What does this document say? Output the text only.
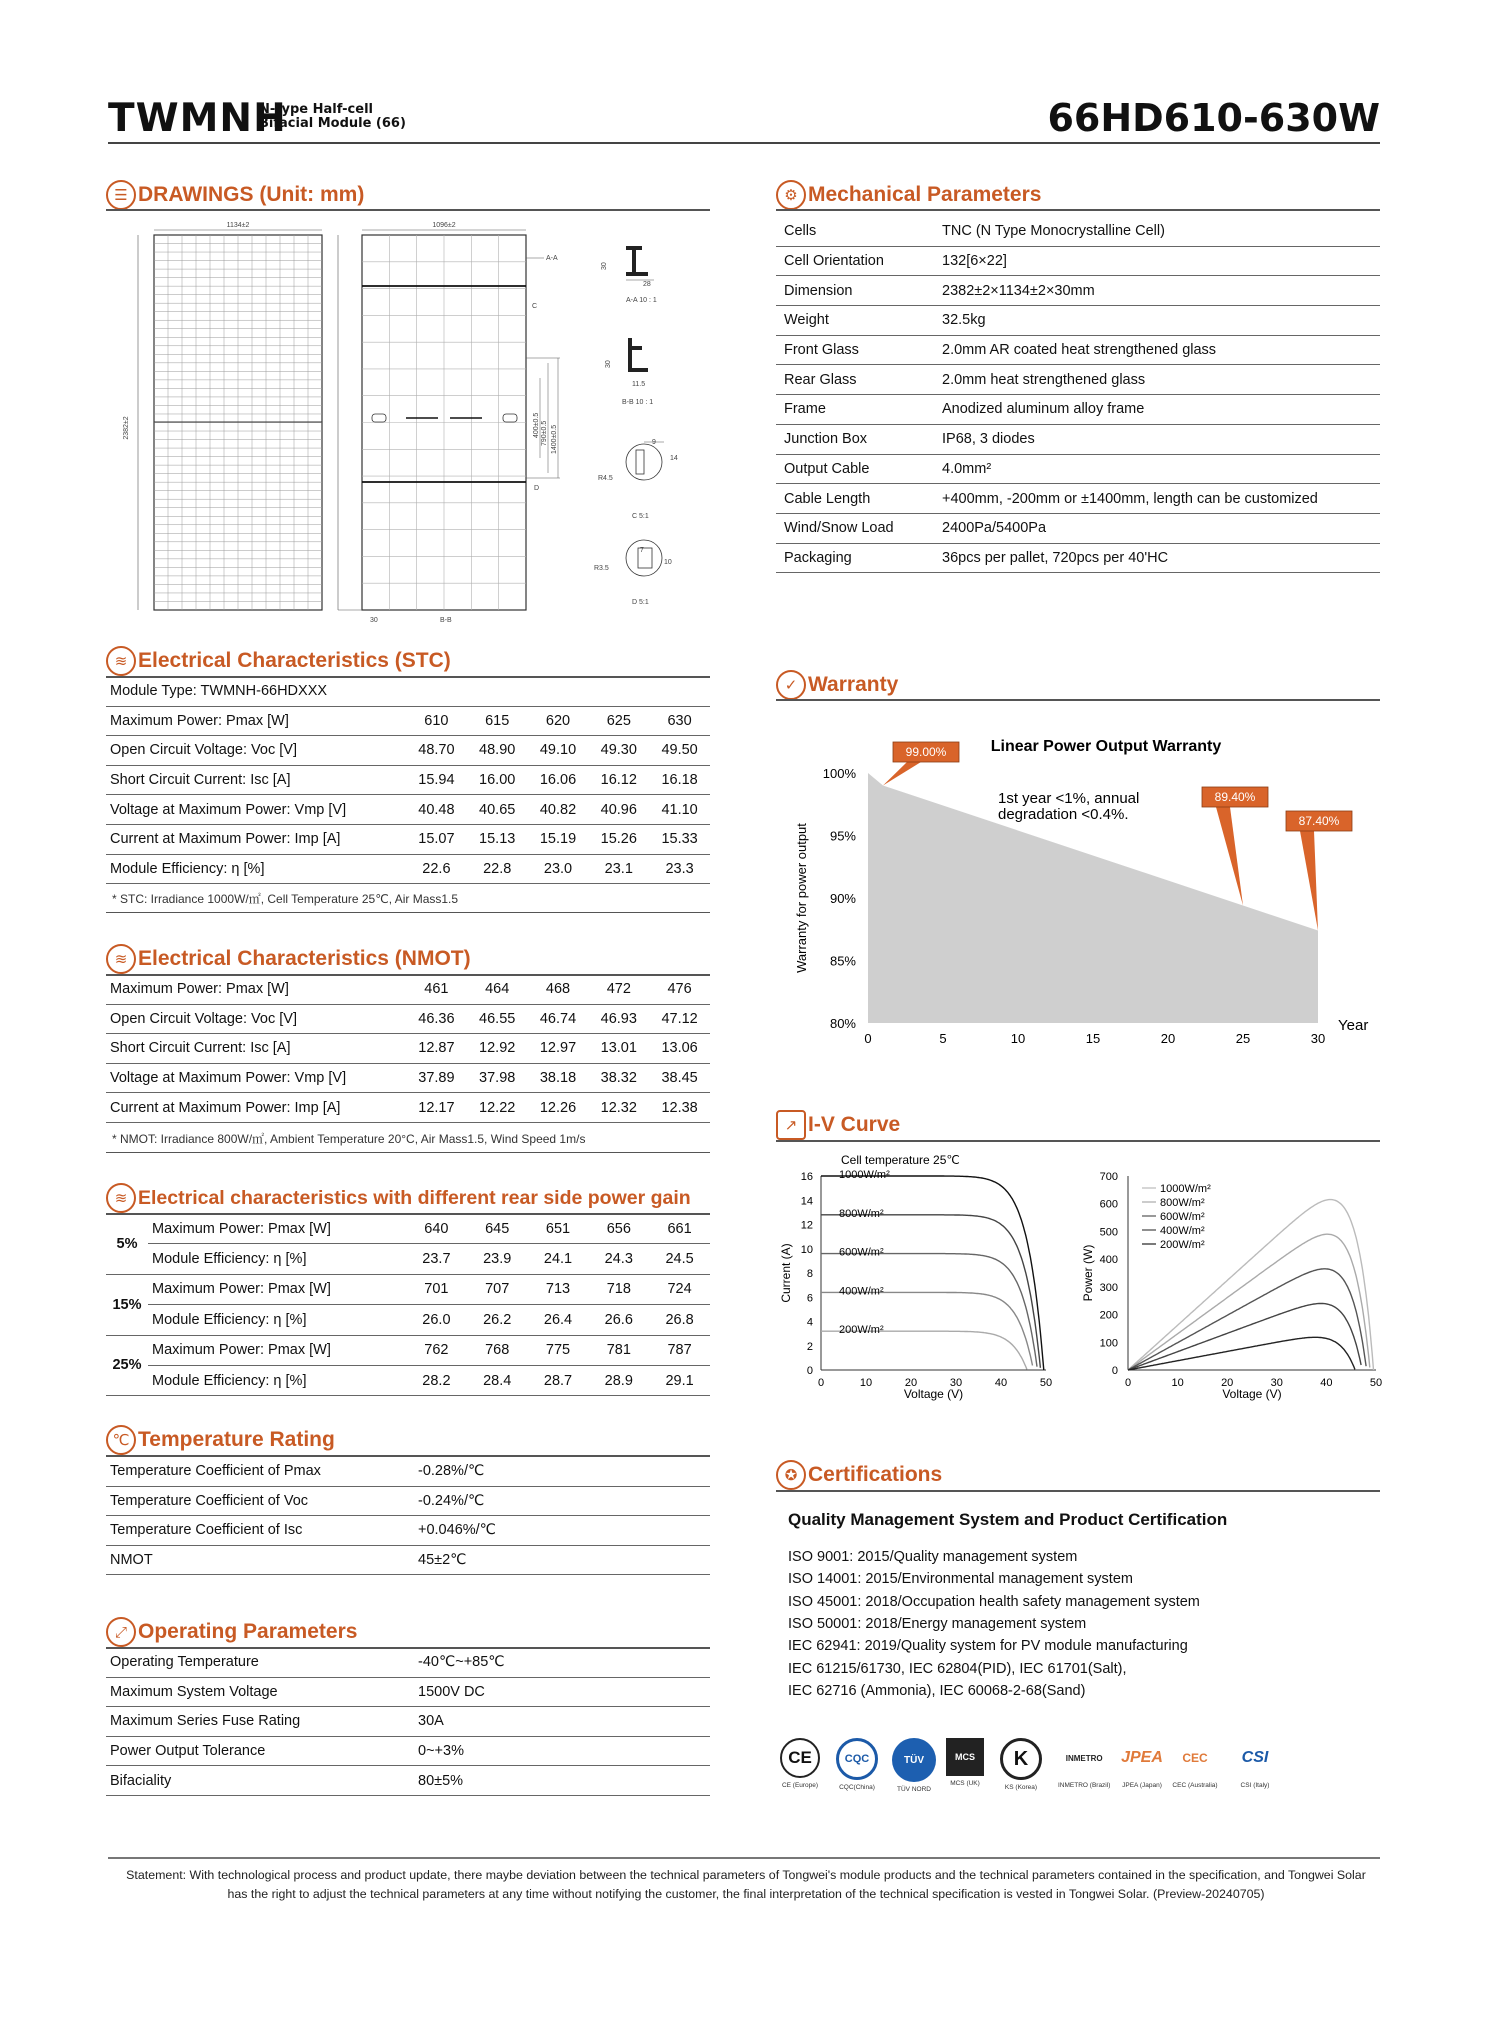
TWMNH
N-type Half-cell
Bifacial Module (66)	66HD610-630W
☰ DRAWINGS (Unit: mm)
1134±2
2382±2
1096±2
30	B-B
A-A
C
D
400±0.5 790±0.5 1400±0.5
30
28
A-A 10 : 1
30
11.5
B-B 10 : 1
9
14
R4.5
C 5:1
7
10
R3.5
D 5:1
⚙ Mechanical Parameters
Cells	TNC (N Type Monocrystalline Cell)
Cell Orientation	132[6×22]
Dimension	2382±2×1134±2×30mm
Weight	32.5kg
Front Glass	2.0mm AR coated heat strengthened glass
Rear Glass	2.0mm heat strengthened glass
Frame	Anodized aluminum alloy frame
Junction Box	IP68, 3 diodes
Output Cable	4.0mm²
Cable Length	+400mm, -200mm or ±1400mm, length can be customized
Wind/Snow Load	2400Pa/5400Pa
Packaging	36pcs per pallet, 720pcs per 40'HC
≋ Electrical Characteristics (STC)
Module Type: TWMNH-66HDXXX					
Maximum Power: Pmax [W]	610	615	620	625	630
Open Circuit Voltage: Voc [V]	48.70	48.90	49.10	49.30	49.50
Short Circuit Current: Isc [A]	15.94	16.00	16.06	16.12	16.18
Voltage at Maximum Power: Vmp [V]	40.48	40.65	40.82	40.96	41.10
Current at Maximum Power: Imp [A]	15.07	15.13	15.19	15.26	15.33
Module Efficiency: η [%]	22.6	22.8	23.0	23.1	23.3
* STC: Irradiance 1000W/㎡, Cell Temperature 25℃, Air Mass1.5
≋ Electrical Characteristics (NMOT)
Maximum Power: Pmax [W]	461	464	468	472	476
Open Circuit Voltage: Voc [V]	46.36	46.55	46.74	46.93	47.12
Short Circuit Current: Isc [A]	12.87	12.92	12.97	13.01	13.06
Voltage at Maximum Power: Vmp [V]	37.89	37.98	38.18	38.32	38.45
Current at Maximum Power: Imp [A]	12.17	12.22	12.26	12.32	12.38
* NMOT: Irradiance 800W/㎡, Ambient Temperature 20°C, Air Mass1.5, Wind Speed 1m/s
≋ Electrical characteristics with different rear side power gain
5%	Maximum Power: Pmax [W]	640	645	651	656	661
	Module Efficiency: η [%]	23.7	23.9	24.1	24.3	24.5
15%	Maximum Power: Pmax [W]	701	707	713	718	724
	Module Efficiency: η [%]	26.0	26.2	26.4	26.6	26.8
25%	Maximum Power: Pmax [W]	762	768	775	781	787
	Module Efficiency: η [%]	28.2	28.4	28.7	28.9	29.1
℃ Temperature Rating
Temperature Coefficient of Pmax	-0.28%/℃
Temperature Coefficient of Voc	-0.24%/℃
Temperature Coefficient of Isc	+0.046%/℃
NMOT	45±2℃
⤢ Operating Parameters
Operating Temperature	-40℃~+85℃
Maximum System Voltage	1500V DC
Maximum Series Fuse Rating	30A
Power Output Tolerance	0~+3%
Bifaciality	80±5%
✓ Warranty
100%
95%
90%
85%
80%
0	5	10	15	20	25	30
Year
Warranty for power output
Linear Power Output Warranty
1st year <1%, annual
degradation <0.4%.
99.00%
89.40%
87.40%
↗ I-V Curve
Cell temperature 25℃
0
2
4
6
8
10
12
14
16
0	10	20	30	40	50
Voltage (V)
Current (A)
1000W/m²
800W/m²
600W/m²
400W/m²
200W/m²
0
100
200
300
400
500
600
700
0	10	20	30	40	50
Voltage (V)
Power (W)
1000W/m²
800W/m²
600W/m²
400W/m²
200W/m²
✪ Certifications
Quality Management System and Product Certification
ISO 9001: 2015/Quality management system
ISO 14001: 2015/Environmental management system
ISO 45001: 2018/Occupation health safety management system
ISO 50001: 2018/Energy management system
IEC 62941: 2019/Quality system for PV module manufacturing
IEC 61215/61730, IEC 62804(PID), IEC 61701(Salt),
IEC 62716 (Ammonia), IEC 60068-2-68(Sand)
CE
CE (Europe)
CQC
CQC(China)
TÜV
TÜV NORD
MCS
MCS (UK)
K
KS (Korea)
INMETRO
INMETRO (Brazil)
JPEA
JPEA (Japan)
CEC
CEC (Australia)
CSI
CSI (Italy)
Statement: With technological process and product update, there maybe deviation between the technical parameters of Tongwei's module products and the technical parameters contained in the specification, and Tongwei Solar has the right to adjust the technical parameters at any time without notifying the customer, the final interpretation of the technical specification is vested in Tongwei Solar. (Preview-20240705)
